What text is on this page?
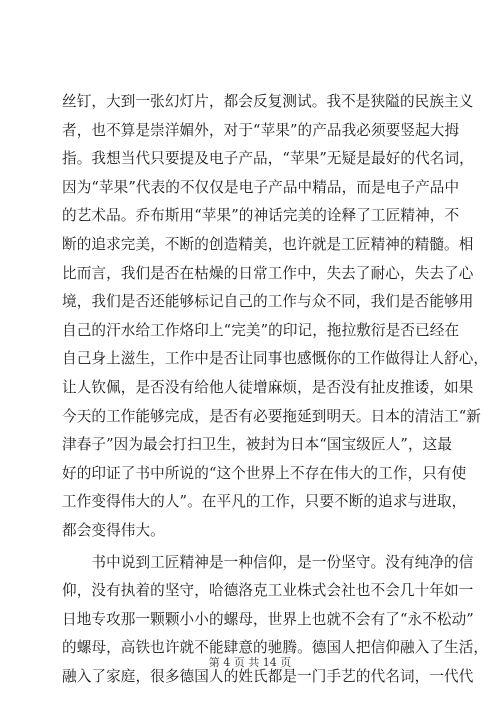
丝钉，大到一张幻灯片，都会反复测试。我不是狭隘的民族主义
者，也不算是崇洋媚外，对于“苹果”的产品我必须要竖起大拇
指。我想当代只要提及电子产品，“苹果”无疑是最好的代名词，
因为“苹果”代表的不仅仅是电子产品中精品，而是电子产品中
的艺术品。乔布斯用“苹果”的神话完美的诠释了工匠精神，不
断的追求完美，不断的创造精美，也许就是工匠精神的精髓。相
比而言，我们是否在枯燥的日常工作中，失去了耐心，失去了心
境，我们是否还能够标记自己的工作与众不同，我们是否能够用
自己的汗水给工作烙印上“完美”的印记，拖拉敷衍是否已经在
自己身上滋生，工作中是否让同事也感慨你的工作做得让人舒心，
让人钦佩，是否没有给他人徒增麻烦，是否没有扯皮推诿，如果
今天的工作能够完成，是否有必要拖延到明天。日本的清洁工“新
津春子”因为最会打扫卫生，被封为日本“国宝级匠人”，这最
好的印证了书中所说的“这个世界上不存在伟大的工作，只有使
工作变得伟大的人”。在平凡的工作，只要不断的追求与进取，
都会变得伟大。
　　书中说到工匠精神是一种信仰，是一份坚守。没有纯净的信
仰，没有执着的坚守，哈德洛克工业株式会社也不会几十年如一
日地专攻那一颗颗小小的螺母，世界上也就不会有了“永不松动”
的螺母，高铁也许就不能肆意的驰腾。德国人把信仰融入了生活，
融入了家庭，很多德国人的姓氏都是一门手艺的代名词，一代代
第 4 页 共 14 页
